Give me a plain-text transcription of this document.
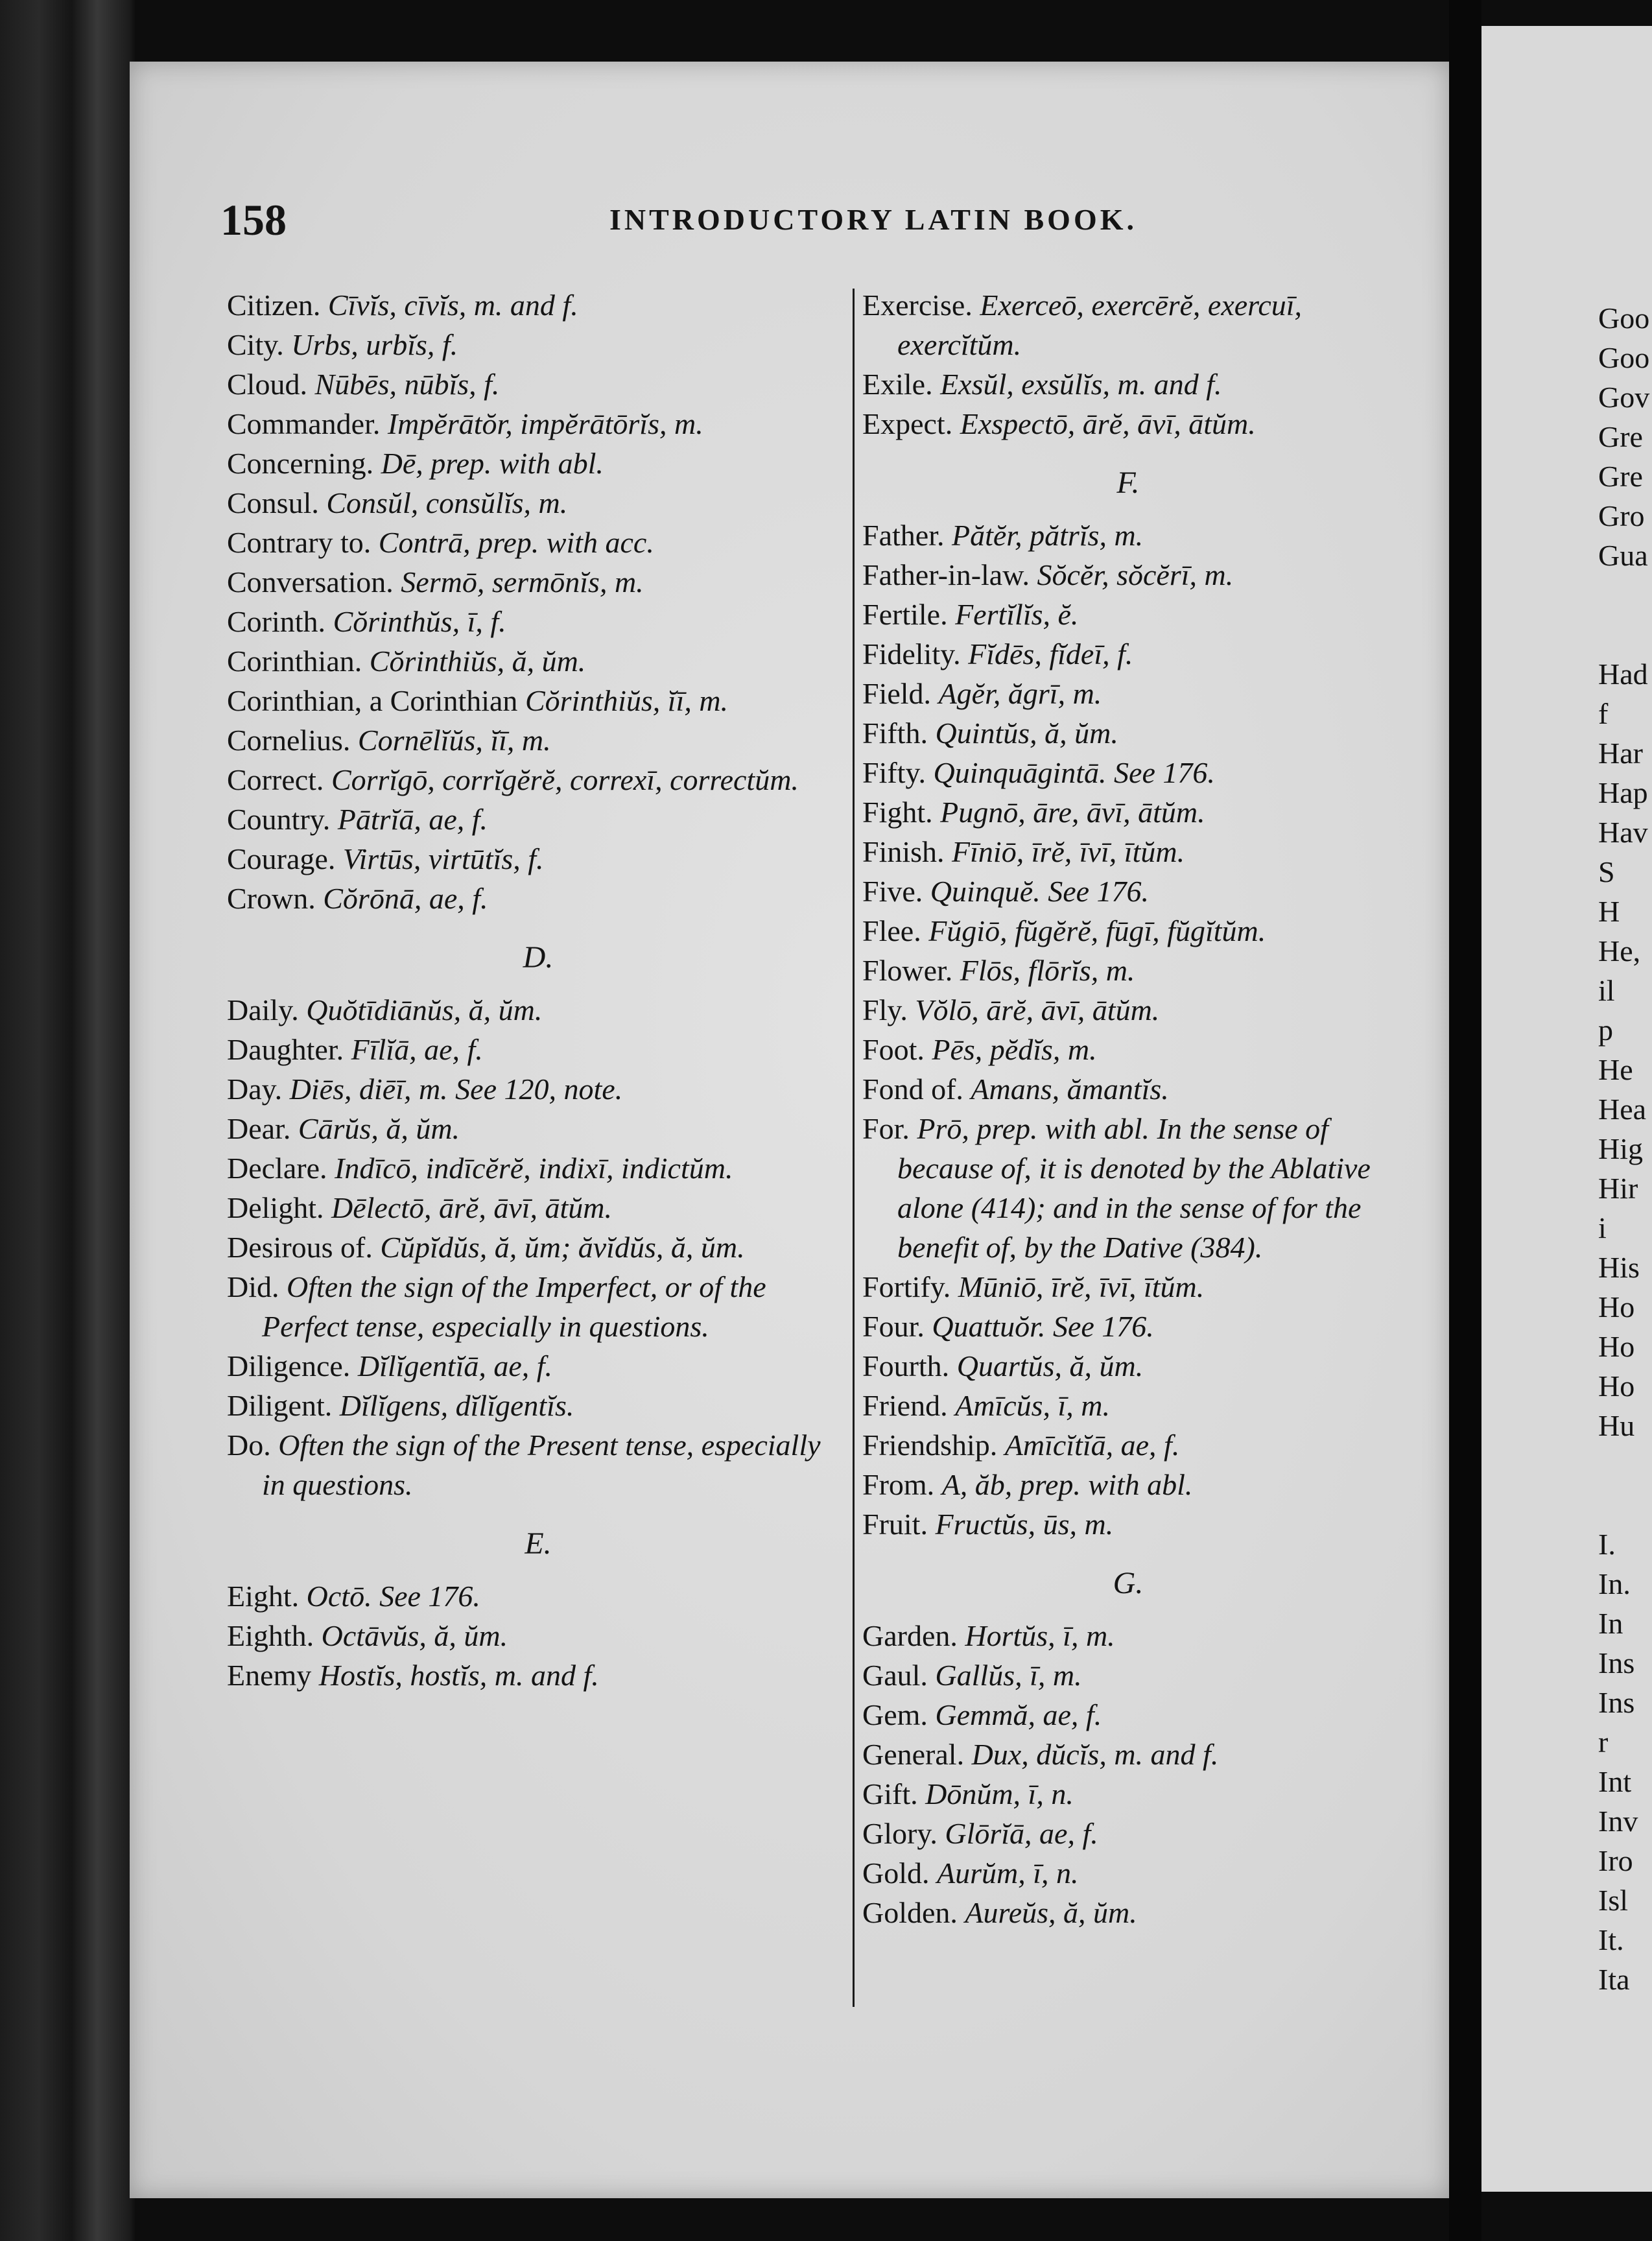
158	INTRODUCTORY LATIN BOOK.

Citizen. Cīvĭs, cīvĭs, m. and f.

City. Urbs, urbĭs, f.

Cloud. Nūbēs, nūbĭs, f.

Commander. Impĕrātŏr, impĕrātōrĭs, m.

Concerning. Dē, prep. with abl.

Consul. Consŭl, consŭlĭs, m.

Contrary to. Contrā, prep. with acc.

Conversation. Sermō, sermōnĭs, m.

Corinth. Cŏrinthŭs, ī, f.

Corinthian. Cŏrinthiŭs, ă, ŭm.

Corinthian, a Corinthian Cŏrinthiŭs, ĭī, m.

Cornelius. Cornēlĭŭs, ĭī, m.

Correct. Corrĭgō, corrĭgĕrĕ, correxī, correctŭm.

Country. Pātrĭā, ae, f.

Courage. Virtūs, virtūtĭs, f.

Crown. Cŏrōnā, ae, f.

D.

Daily. Quŏtīdiānŭs, ă, ŭm.

Daughter. Fīlĭā, ae, f.

Day. Diēs, diēī, m. See 120, note.

Dear. Cārŭs, ă, ŭm.

Declare. Indīcō, indīcĕrĕ, indixī, indictŭm.

Delight. Dēlectō, ārĕ, āvī, ātŭm.

Desirous of. Cŭpĭdŭs, ă, ŭm; ăvĭdŭs, ă, ŭm.

Did. Often the sign of the Imperfect, or of the Perfect tense, especially in questions.

Diligence. Dĭlĭgentĭā, ae, f.

Diligent. Dĭlĭgens, dĭlĭgentĭs.

Do. Often the sign of the Present tense, especially in questions.

E.

Eight. Octō. See 176.

Eighth. Octāvŭs, ă, ŭm.

Enemy Hostĭs, hostĭs, m. and f.

Exercise. Exerceō, exercērĕ, exercuī, exercĭtŭm.

Exile. Exsŭl, exsŭlĭs, m. and f.

Expect. Exspectō, ārĕ, āvī, ātŭm.

F.

Father. Pătĕr, pătrĭs, m.

Father-in-law. Sŏcĕr, sŏcĕrī, m.

Fertile. Fertĭlĭs, ĕ.

Fidelity. Fĭdēs, fĭdeī, f.

Field. Agĕr, ăgrī, m.

Fifth. Quintŭs, ă, ŭm.

Fifty. Quinquāgintā. See 176.

Fight. Pugnō, āre, āvī, ātŭm.

Finish. Fīniō, īrĕ, īvī, ītŭm.

Five. Quinquĕ. See 176.

Flee. Fŭgiō, fŭgĕrĕ, fūgī, fŭgĭtŭm.

Flower. Flōs, flōrĭs, m.

Fly. Vŏlō, ārĕ, āvī, ātŭm.

Foot. Pēs, pĕdĭs, m.

Fond of. Amans, ămantĭs.

For. Prō, prep. with abl. In the sense of because of, it is denoted by the Ablative alone (414); and in the sense of for the benefit of, by the Dative (384).

Fortify. Mūniō, īrĕ, īvī, ītŭm.

Four. Quattuŏr. See 176.

Fourth. Quartŭs, ă, ŭm.

Friend. Amīcŭs, ī, m.

Friendship. Amīcĭtĭā, ae, f.

From. A, ăb, prep. with abl.

Fruit. Fructŭs, ūs, m.

G.

Garden. Hortŭs, ī, m.

Gaul. Gallŭs, ī, m.

Gem. Gemmă, ae, f.

General. Dux, dŭcĭs, m. and f.

Gift. Dōnŭm, ī, n.

Glory. Glōrĭā, ae, f.

Gold. Aurŭm, ī, n.

Golden. Aureŭs, ă, ŭm.

Goo
Goo
Gov
Gre
Gre
Gro
Gua
Had
f
Har
Hap
Hav
S
H
He,
il
p
He
Hea
Hig
Hir
i
His
Ho
Ho
Ho
Hu
I.
In.
In
Ins
Ins
r
Int
Inv
Iro
Isl
It.
Ita
